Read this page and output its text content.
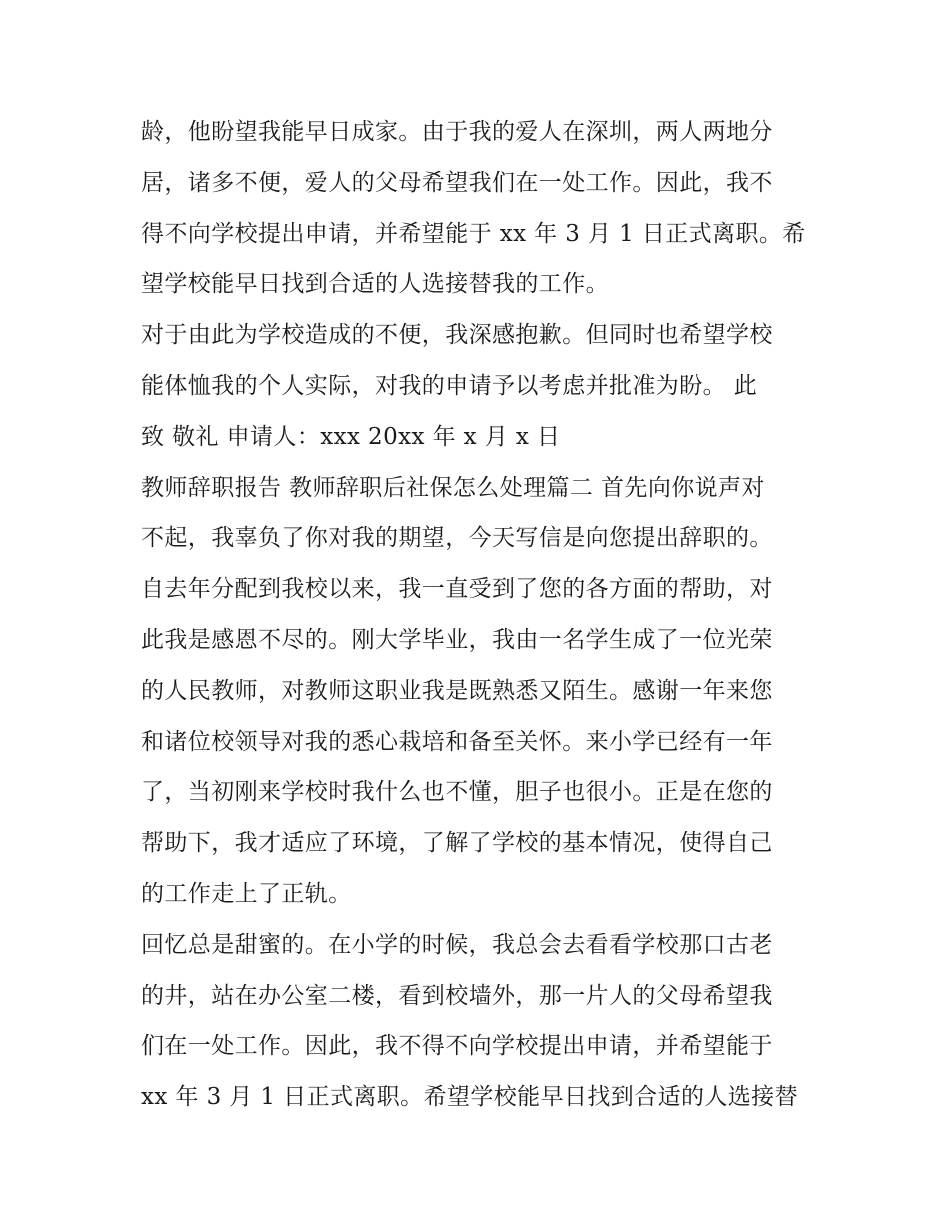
龄，他盼望我能早日成家。由于我的爱人在深圳，两人两地分
居，诸多不便，爱人的父母希望我们在一处工作。因此，我不
得不向学校提出申请，并希望能于 xx 年 3 月 1 日正式离职。希
望学校能早日找到合适的人选接替我的工作。
对于由此为学校造成的不便，我深感抱歉。但同时也希望学校
能体恤我的个人实际，对我的申请予以考虑并批准为盼。 此
致 敬礼 申请人：xxx 20xx 年 x 月 x 日
教师辞职报告 教师辞职后社保怎么处理篇二 首先向你说声对
不起，我辜负了你对我的期望，今天写信是向您提出辞职的。
自去年分配到我校以来，我一直受到了您的各方面的帮助，对
此我是感恩不尽的。刚大学毕业，我由一名学生成了一位光荣
的人民教师，对教师这职业我是既熟悉又陌生。感谢一年来您
和诸位校领导对我的悉心栽培和备至关怀。来小学已经有一年
了，当初刚来学校时我什么也不懂，胆子也很小。正是在您的
帮助下，我才适应了环境，了解了学校的基本情况，使得自己
的工作走上了正轨。
回忆总是甜蜜的。在小学的时候，我总会去看看学校那口古老
的井，站在办公室二楼，看到校墙外，那一片人的父母希望我
们在一处工作。因此，我不得不向学校提出申请，并希望能于
xx 年 3 月 1 日正式离职。希望学校能早日找到合适的人选接替
